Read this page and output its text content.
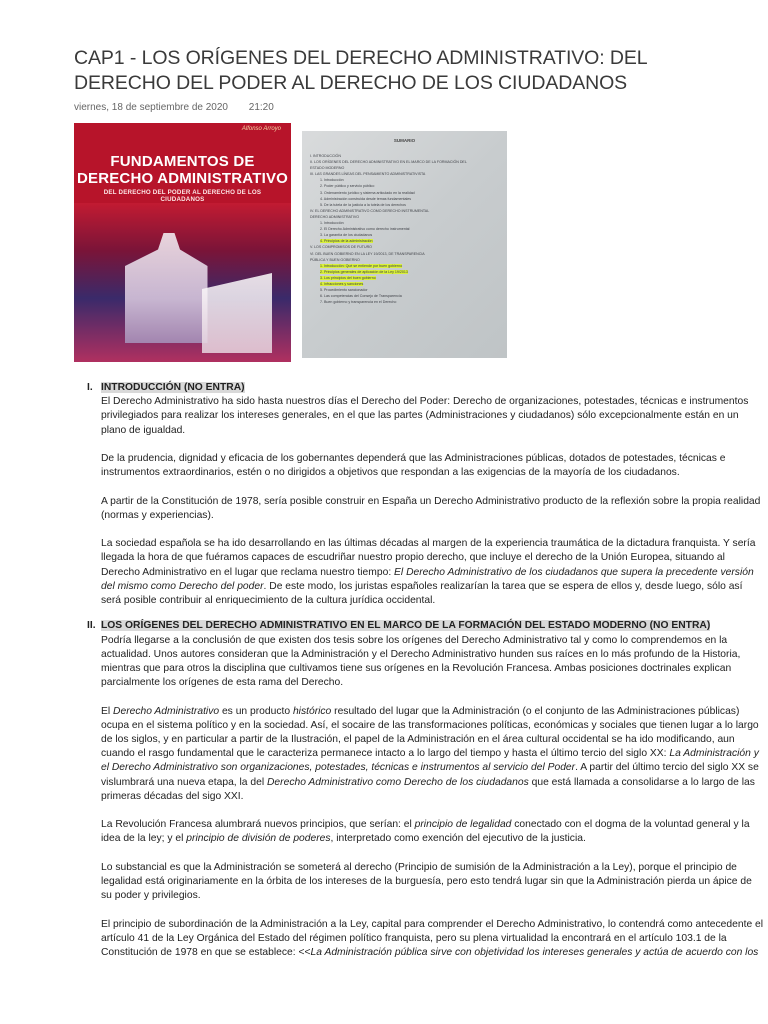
CAP1 - LOS ORÍGENES DEL DERECHO ADMINISTRATIVO: DEL DERECHO DEL PODER AL DERECHO DE LOS CIUDADANOS
viernes, 18 de septiembre de 2020 21:20
Alfonso Arroyo
FUNDAMENTOS DE
DERECHO ADMINISTRATIVO
DEL DERECHO DEL PODER AL DERECHO DE LOS CIUDADANOS
SUMARIO
I. INTRODUCCIÓN
II. LOS ORÍGENES DEL DERECHO ADMINISTRATIVO EN EL MARCO DE LA FORMACIÓN DEL
ESTADO MODERNO
III. LAS GRANDES LÍNEAS DEL PENSAMIENTO ADMINISTRATIVISTA
1. Introducción
2. Poder público y servicio público
3. Ordenamiento jurídico y sistema articulado en la realidad
4. Administración construida desde temas fundamentales
5. De la tutela de la justicia a la tutela de los derechos
IV. EL DERECHO ADMINISTRATIVO COMO DERECHO INSTRUMENTAL
DERECHO ADMINISTRATIVO
1. Introducción
2. El Derecho Administrativo como derecho instrumental
3. La garantía de los ciudadanos
4. Principios de la administración
V. LOS COMPROMISOS DE FUTURO
VI. DEL BUEN GOBIERNO EN LA LEY 19/2013, DE TRANSPARENCIA
PÚBLICA Y BUEN GOBIERNO
1. Introducción: Qué se entiende por buen gobierno
2. Principios generales de aplicación de la Ley 19/2013
3. Los principios del buen gobierno
4. Infracciones y sanciones
5. Procedimiento sancionador
6. Las competencias del Consejo de Transparencia
7. Buen gobierno y transparencia en el Derecho
I. INTRODUCCIÓN (NO ENTRA)

El Derecho Administrativo ha sido hasta nuestros días el Derecho del Poder: Derecho de organizaciones, potestades, técnicas e instrumentos privilegiados para realizar los intereses generales, en el que las partes (Administraciones y ciudadanos) sólo excepcionalmente están en un plano de igualdad.

De la prudencia, dignidad y eficacia de los gobernantes dependerá que las Administraciones públicas, dotados de potestades, técnicas e instrumentos extraordinarios, estén o no dirigidos a objetivos que respondan a las exigencias de la mayoría de los ciudadanos.

A partir de la Constitución de 1978, sería posible construir en España un Derecho Administrativo producto de la reflexión sobre la propia realidad (normas y experiencias).

La sociedad española se ha ido desarrollando en las últimas décadas al margen de la experiencia traumática de la dictadura franquista. Y sería llegada la hora de que fuéramos capaces de escudriñar nuestro propio derecho, que incluye el derecho de la Unión Europea, situando al Derecho Administrativo en el lugar que reclama nuestro tiempo: El Derecho Administrativo de los ciudadanos que supera la precedente versión del mismo como Derecho del poder. De este modo, los juristas españoles realizarían la tarea que se espera de ellos y, desde luego, sólo así será posible contribuir al enriquecimiento de la cultura jurídica occidental.

II. LOS ORÍGENES DEL DERECHO ADMINISTRATIVO EN EL MARCO DE LA FORMACIÓN DEL ESTADO MODERNO (NO ENTRA)

Podría llegarse a la conclusión de que existen dos tesis sobre los orígenes del Derecho Administrativo tal y como lo comprendemos en la actualidad. Unos autores consideran que la Administración y el Derecho Administrativo hunden sus raíces en lo más profundo de la Historia, mientras que para otros la disciplina que cultivamos tiene sus orígenes en la Revolución Francesa. Ambas posiciones doctrinales explican parcialmente los orígenes de esta rama del Derecho.

El Derecho Administrativo es un producto histórico resultado del lugar que la Administración (o el conjunto de las Administraciones públicas) ocupa en el sistema político y en la sociedad. Así, el socaire de las transformaciones políticas, económicas y sociales que tienen lugar a lo largo de los siglos, y en particular a partir de la Ilustración, el papel de la Administración en el área cultural occidental se ha ido modificando, aun cuando el rasgo fundamental que le caracteriza permanece intacto a lo largo del tiempo y hasta el último tercio del siglo XX: La Administración y el Derecho Administrativo son organizaciones, potestades, técnicas e instrumentos al servicio del Poder. A partir del último tercio del siglo XX se vislumbrará una nueva etapa, la del Derecho Administrativo como Derecho de los ciudadanos que está llamada a consolidarse a lo largo de las primeras décadas del sigo XXI.

La Revolución Francesa alumbrará nuevos principios, que serían: el principio de legalidad conectado con el dogma de la voluntad general y la idea de la ley; y el principio de división de poderes, interpretado como exención del ejecutivo de la justicia.

Lo substancial es que la Administración se someterá al derecho (Principio de sumisión de la Administración a la Ley), porque el principio de legalidad está originariamente en la órbita de los intereses de la burguesía, pero esto tendrá lugar sin que la Administración pierda un ápice de su poder y privilegios.

El principio de subordinación de la Administración a la Ley, capital para comprender el Derecho Administrativo, lo contendrá como antecedente el artículo 41 de la Ley Orgánica del Estado del régimen político franquista, pero su plena virtualidad la encontrará en el artículo 103.1 de la Constitución de 1978 en que se establece: <<La Administración pública sirve con objetividad los intereses generales y actúa de acuerdo con los
